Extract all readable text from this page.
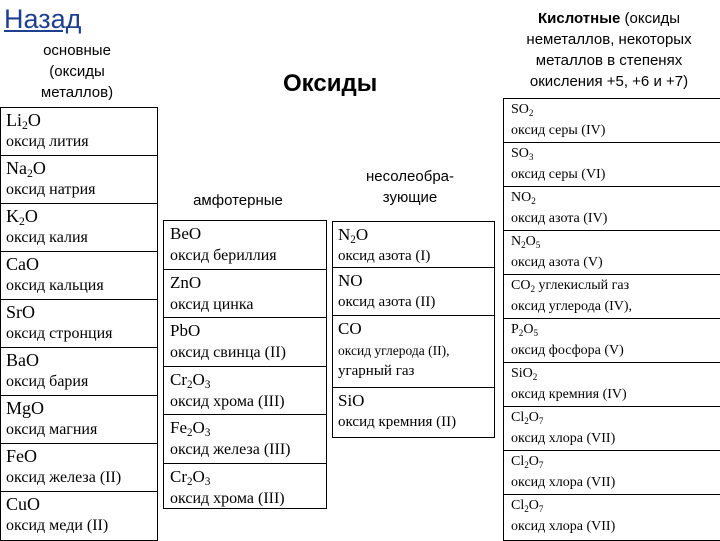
Назад
основные
(оксиды
металлов)	Оксиды
амфотерные
несолеобра-
зующие
Кислотные (оксиды
неметаллов, некоторых
металлов в степенях
окисления +5, +6 и +7)
$Li_2O$
оксид лития
$Na_2O$
оксид натрия
$K_2O$
оксид калия
CaO
оксид кальция
SrO
оксид стронция
BaO
оксид бария
MgO
оксид магния
FeO
оксид железа (II)
CuO
оксид меди (II)
BeO
оксид бериллия
ZnO
оксид цинка
PbO
оксид свинца (II)
$Cr_2O_3$
оксид хрома (III)
$Fe_2O_3$
оксид железа (III)
$Cr_2O_3$
оксид хрома (III)
$N_2O$
оксид азота (I)
NO
оксид азота (II)
CO
оксид углерода (II),
угарный газ
SiO
оксид кремния (II)
$SO_2$
оксид серы (IV)
$SO_3$
оксид серы (VI)
$NO_2$
оксид азота (IV)
$N_2O_5$
оксид азота (V)
$CO_2$ углекислый газ
оксид углерода (IV),
$P_2O_5$
оксид фосфора (V)
SiO$_2$
оксид кремния (IV)
$Cl_2O_7$
оксид хлора (VII)
$Cl_2O_7$
оксид хлора (VII)
$Cl_2O_7$
оксид хлора (VII)
